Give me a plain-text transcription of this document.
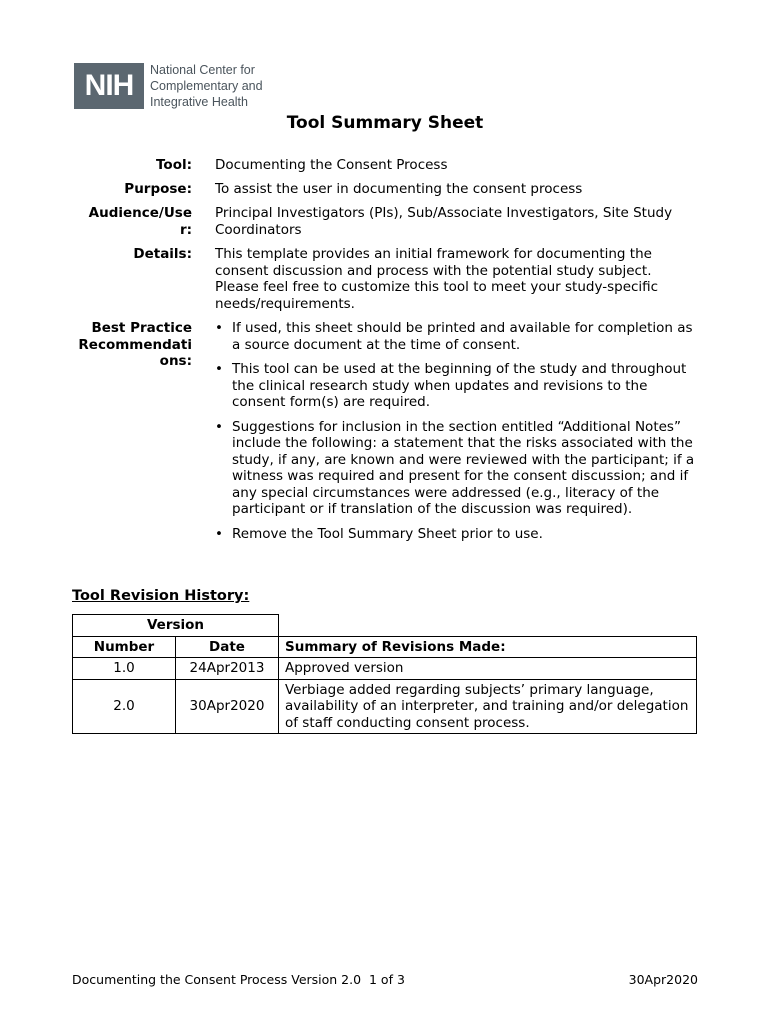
NIH	National Center for
Complementary and
Integrative Health
Tool Summary Sheet
Tool: Documenting the Consent Process
Purpose: To assist the user in documenting the consent process
Audience/User:
Principal Investigators (PIs), Sub/Associate Investigators, Site Study Coordinators
Details: This template provides an initial framework for documenting the consent discussion and process with the potential study subject. Please feel free to customize this tool to meet your study-specific needs/requirements.
Best Practice Recommendations:
• If used, this sheet should be printed and available for completion as a source document at the time of consent.
• This tool can be used at the beginning of the study and throughout the clinical research study when updates and revisions to the consent form(s) are required.
• Suggestions for inclusion in the section entitled “Additional Notes” include the following: a statement that the risks associated with the study, if any, are known and were reviewed with the participant; if a witness was required and present for the consent discussion; and if any special circumstances were addressed (e.g., literacy of the participant or if translation of the discussion was required).
• Remove the Tool Summary Sheet prior to use.
Tool Revision History:
Version		
Number	Date	Summary of Revisions Made:
1.0	24Apr2013	Approved version
2.0	30Apr2020	Verbiage added regarding subjects’ primary language, availability of an interpreter, and training and/or delegation of staff conducting consent process.
Documenting the Consent Process Version 2.0  1 of 3	30Apr2020
